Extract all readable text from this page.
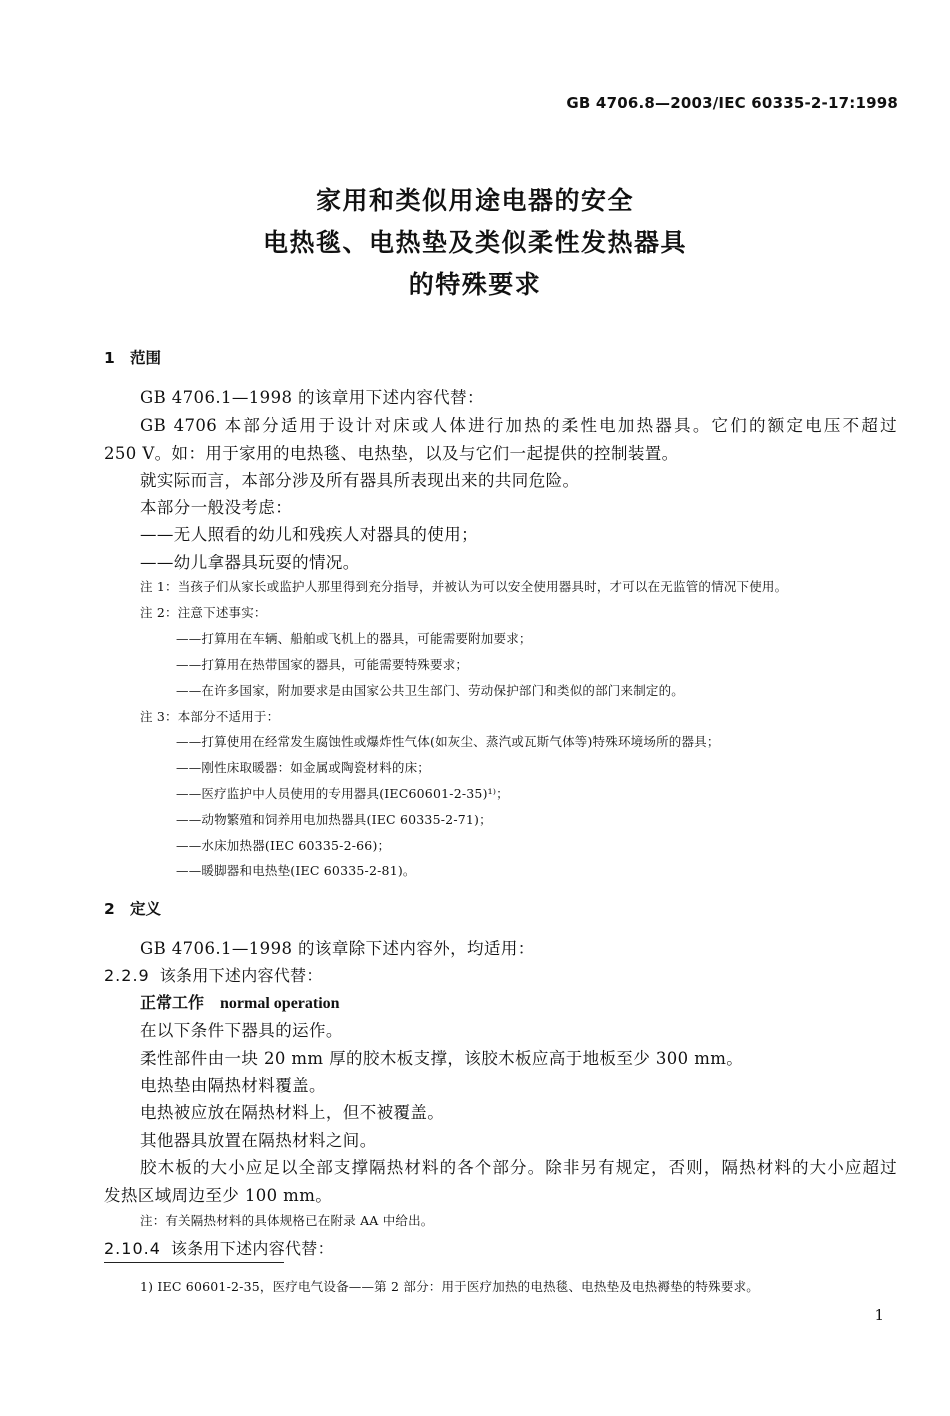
GB 4706.8—2003/IEC 60335-2-17:1998
家用和类似用途电器的安全
电热毯、电热垫及类似柔性发热器具
的特殊要求
1 范围
GB 4706.1—1998 的该章用下述内容代替：
GB 4706 本部分适用于设计对床或人体进行加热的柔性电加热器具。它们的额定电压不超过
250 V。如：用于家用的电热毯、电热垫，以及与它们一起提供的控制装置。
就实际而言，本部分涉及所有器具所表现出来的共同危险。
本部分一般没考虑：
——无人照看的幼儿和残疾人对器具的使用；
——幼儿拿器具玩耍的情况。
注 1：当孩子们从家长或监护人那里得到充分指导，并被认为可以安全使用器具时，才可以在无监管的情况下使用。
注 2：注意下述事实：
——打算用在车辆、船舶或飞机上的器具，可能需要附加要求；
——打算用在热带国家的器具，可能需要特殊要求；
——在许多国家，附加要求是由国家公共卫生部门、劳动保护部门和类似的部门来制定的。
注 3：本部分不适用于：
——打算使用在经常发生腐蚀性或爆炸性气体(如灰尘、蒸汽或瓦斯气体等)特殊环境场所的器具；
——刚性床取暖器：如金属或陶瓷材料的床；
——医疗监护中人员使用的专用器具(IEC60601-2-35)¹⁾；
——动物繁殖和饲养用电加热器具(IEC 60335-2-71)；
——水床加热器(IEC 60335-2-66)；
——暖脚器和电热垫(IEC 60335-2-81)。
2 定义
GB 4706.1—1998 的该章除下述内容外，均适用：
2.2.9 该条用下述内容代替：
正常工作 normal operation
在以下条件下器具的运作。
柔性部件由一块 20 mm 厚的胶木板支撑，该胶木板应高于地板至少 300 mm。
电热垫由隔热材料覆盖。
电热被应放在隔热材料上，但不被覆盖。
其他器具放置在隔热材料之间。
胶木板的大小应足以全部支撑隔热材料的各个部分。除非另有规定，否则，隔热材料的大小应超过
发热区域周边至少 100 mm。
注：有关隔热材料的具体规格已在附录 AA 中给出。
2.10.4 该条用下述内容代替：
1) IEC 60601-2-35，医疗电气设备——第 2 部分：用于医疗加热的电热毯、电热垫及电热褥垫的特殊要求。
1
